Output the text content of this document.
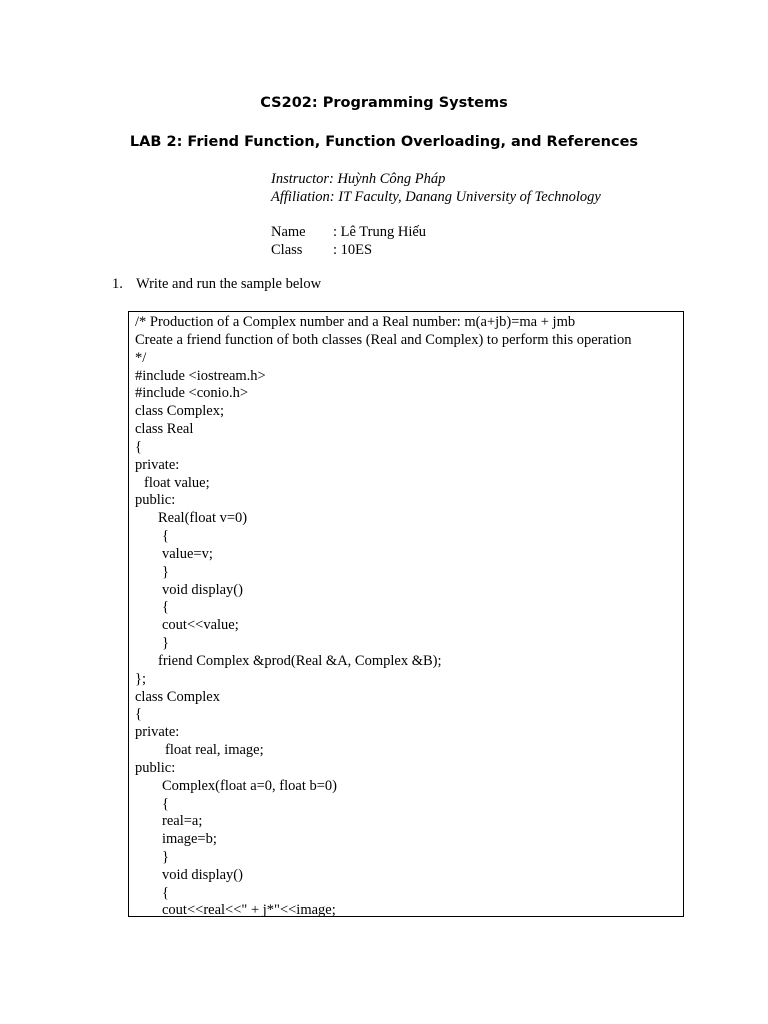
CS202: Programming Systems
LAB 2: Friend Function, Function Overloading, and References
Instructor: Huỳnh Công Pháp
Affiliation: IT Faculty, Danang University of Technology
Name : Lê Trung Hiếu
Class : 10ES
1. Write and run the sample below
/* Production of a Complex number and a Real number: m(a+jb)=ma + jmb
Create a friend function of both classes (Real and Complex) to perform this operation
*/
#include <iostream.h>
#include <conio.h>
class Complex;
class Real
{
private:
float value;
public:
Real(float v=0)
{
value=v;
}
void display()
{
cout<<value;
}
friend Complex &prod(Real &A, Complex &B);
};
class Complex
{
private:
float real, image;
public:
Complex(float a=0, float b=0)
{
real=a;
image=b;
}
void display()
{
cout<<real<<" + j*"<<image;
